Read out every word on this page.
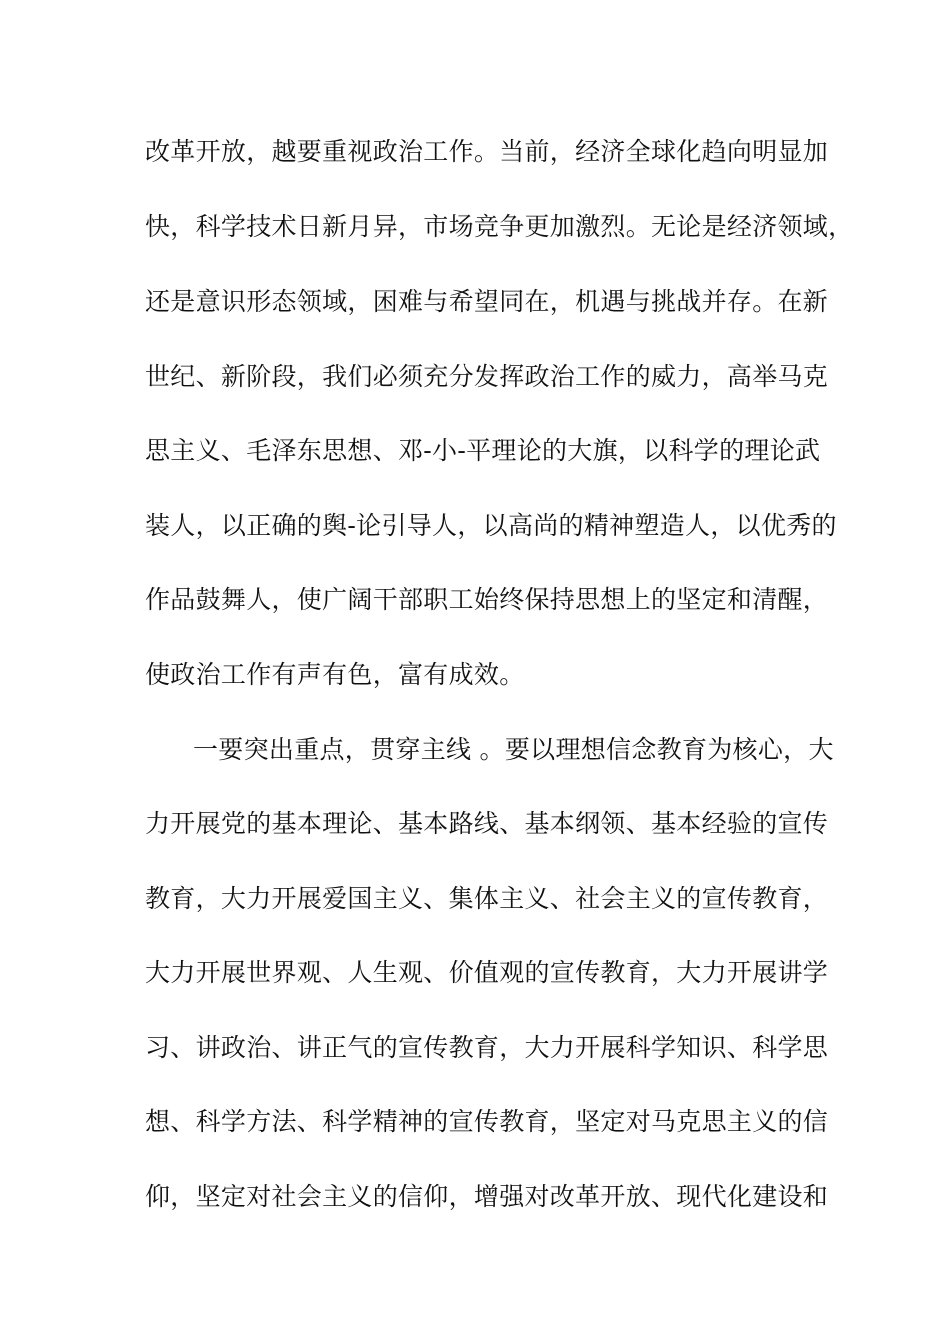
改革开放，越要重视政治工作。当前，经济全球化趋向明显加
快，科学技术日新月异，市场竞争更加激烈。无论是经济领域，
还是意识形态领域，困难与希望同在，机遇与挑战并存。在新
世纪、新阶段，我们必须充分发挥政治工作的威力，高举马克
思主义、毛泽东思想、邓-小-平理论的大旗，以科学的理论武
装人，以正确的舆-论引导人，以高尚的精神塑造人，以优秀的
作品鼓舞人，使广阔干部职工始终保持思想上的坚定和清醒，
使政治工作有声有色，富有成效。
一要突出重点，贯穿主线 。要以理想信念教育为核心，大
力开展党的基本理论、基本路线、基本纲领、基本经验的宣传
教育，大力开展爱国主义、集体主义、社会主义的宣传教育，
大力开展世界观、人生观、价值观的宣传教育，大力开展讲学
习、讲政治、讲正气的宣传教育，大力开展科学知识、科学思
想、科学方法、科学精神的宣传教育，坚定对马克思主义的信
仰，坚定对社会主义的信仰，增强对改革开放、现代化建设和
